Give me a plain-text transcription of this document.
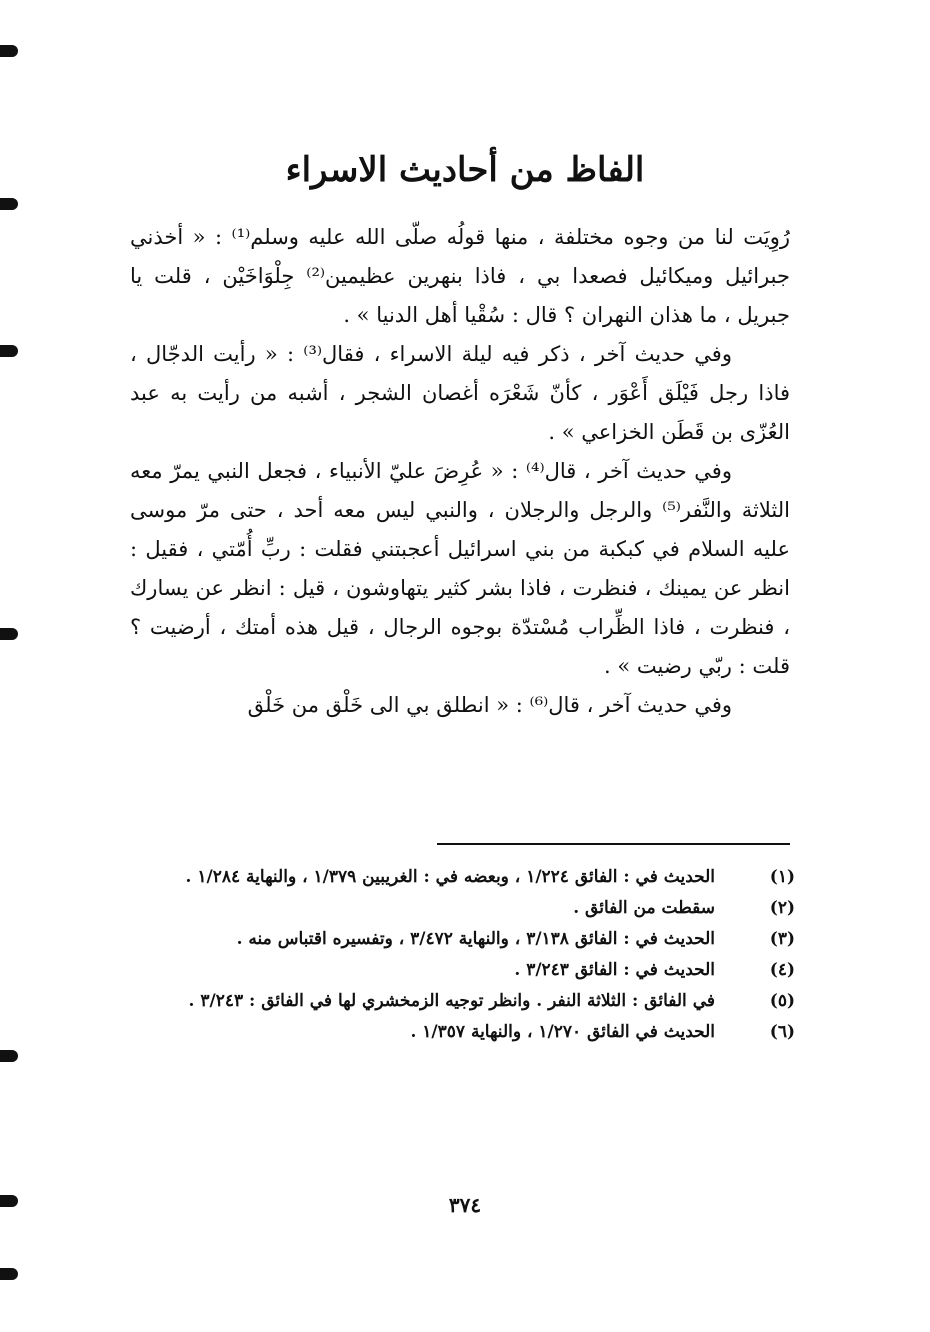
الفاظ من أحاديث الاسراء

رُوِيَت لنا من وجوه مختلفة ، منها قولُه صلّى الله عليه وسلم⁽¹⁾ : « أخذني جبرائيل وميكائيل فصعدا بي ، فاذا بنهرين عظيمين⁽²⁾ جِلْوَاخَيْن ، قلت يا جبريل ، ما هذان النهران ؟ قال : سُقْيا أهل الدنيا » .

وفي حديث آخر ، ذكر فيه ليلة الاسراء ، فقال⁽³⁾ : « رأيت الدجّال ، فاذا رجل فَيْلَق أَعْوَر ، كأنّ شَعْرَه أغصان الشجر ، أشبه من رأيت به عبد العُزّى بن قَطَن الخزاعي » .

وفي حديث آخر ، قال⁽⁴⁾ : « عُرِضَ عليّ الأنبياء ، فجعل النبي يمرّ معه الثلاثة والنَّفر⁽⁵⁾ والرجل والرجلان ، والنبي ليس معه أحد ، حتى مرّ موسى عليه السلام في كبكبة من بني اسرائيل أعجبتني فقلت : ربِّ أُمّتي ، فقيل : انظر عن يمينك ، فنظرت ، فاذا بشر كثير يتهاوشون ، قيل : انظر عن يسارك ، فنظرت ، فاذا الظِّراب مُسْتدّة بوجوه الرجال ، قيل هذه أمتك ، أرضيت ؟ قلت : ربّي رضيت » .

وفي حديث آخر ، قال⁽⁶⁾ : « انطلق بي الى خَلْق من خَلْق

(١)
الحديث في : الفائق ١/٢٢٤ ، وبعضه في : الغريبين ١/٣٧٩ ، والنهاية ١/٢٨٤ .
(٢)
سقطت من الفائق .
(٣)
الحديث في : الفائق ٣/١٣٨ ، والنهاية ٣/٤٧٢ ، وتفسيره اقتباس منه .
(٤)
الحديث في : الفائق ٣/٢٤٣ .
(٥)
في الفائق : الثلاثة النفر . وانظر توجيه الزمخشري لها في الفائق : ٣/٢٤٣ .
(٦)
الحديث في الفائق ١/٢٧٠ ، والنهاية ١/٣٥٧ .
٣٧٤
